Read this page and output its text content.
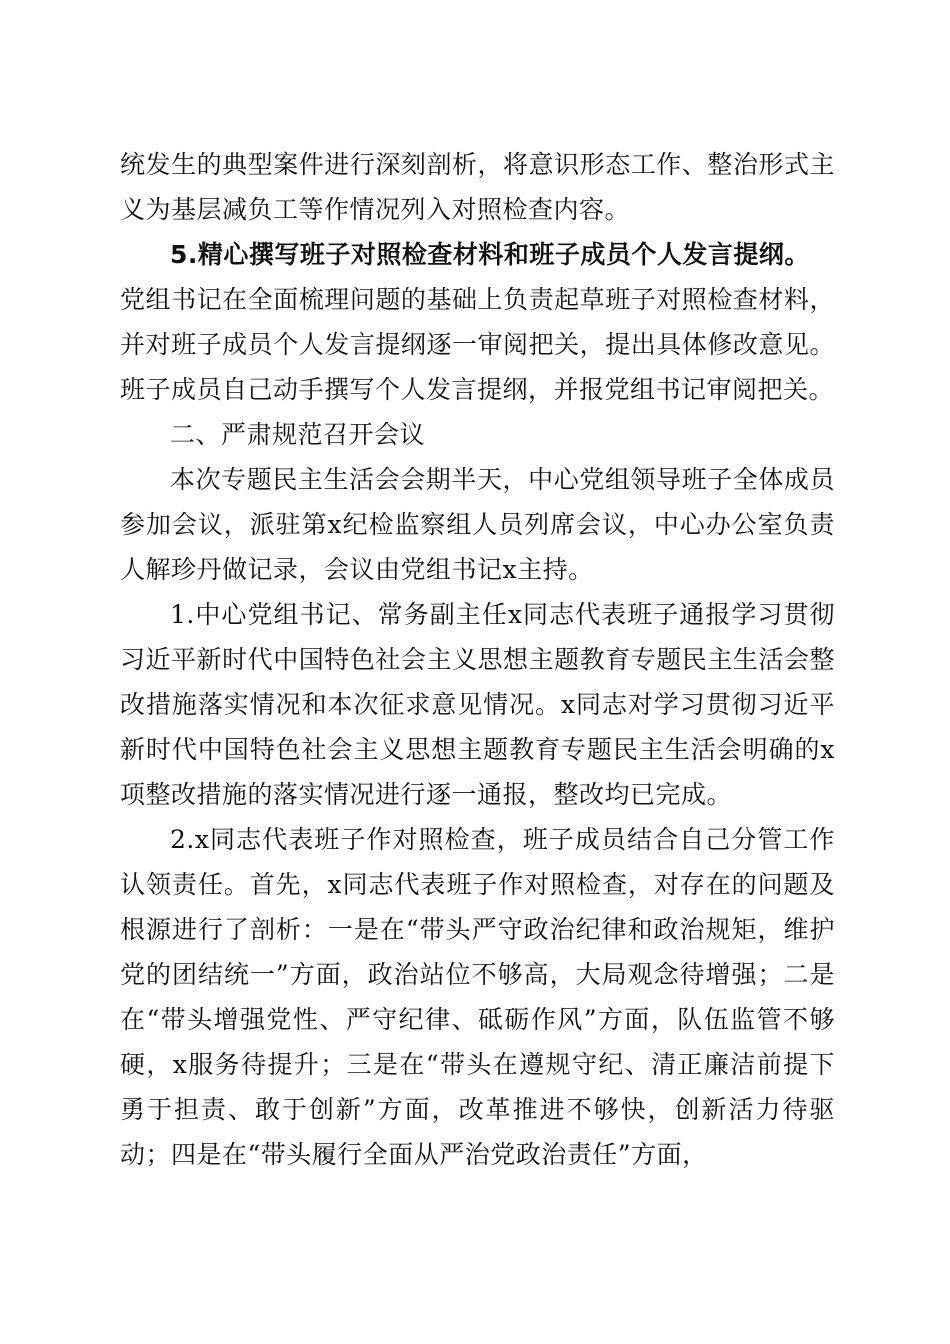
统发生的典型案件进行深刻剖析，将意识形态工作、整治形式主义为基层减负工等作情况列入对照检查内容。

5.精心撰写班子对照检查材料和班子成员个人发言提纲。

党组书记在全面梳理问题的基础上负责起草班子对照检查材料，并对班子成员个人发言提纲逐一审阅把关，提出具体修改意见。班子成员自己动手撰写个人发言提纲，并报党组书记审阅把关。

二、严肃规范召开会议

本次专题民主生活会会期半天，中心党组领导班子全体成员参加会议，派驻第x纪检监察组人员列席会议，中心办公室负责人解珍丹做记录，会议由党组书记x主持。

1.中心党组书记、常务副主任x同志代表班子通报学习贯彻习近平新时代中国特色社会主义思想主题教育专题民主生活会整改措施落实情况和本次征求意见情况。x同志对学习贯彻习近平新时代中国特色社会主义思想主题教育专题民主生活会明确的x项整改措施的落实情况进行逐一通报，整改均已完成。

2.x同志代表班子作对照检查，班子成员结合自己分管工作认领责任。首先，x同志代表班子作对照检查，对存在的问题及根源进行了剖析：一是在“带头严守政治纪律和政治规矩，维护党的团结统一”方面，政治站位不够高，大局观念待增强；二是在“带头增强党性、严守纪律、砥砺作风”方面，队伍监管不够硬，x服务待提升；三是在“带头在遵规守纪、清正廉洁前提下勇于担责、敢于创新”方面，改革推进不够快，创新活力待驱动；四是在“带头履行全面从严治党政治责任”方面，
